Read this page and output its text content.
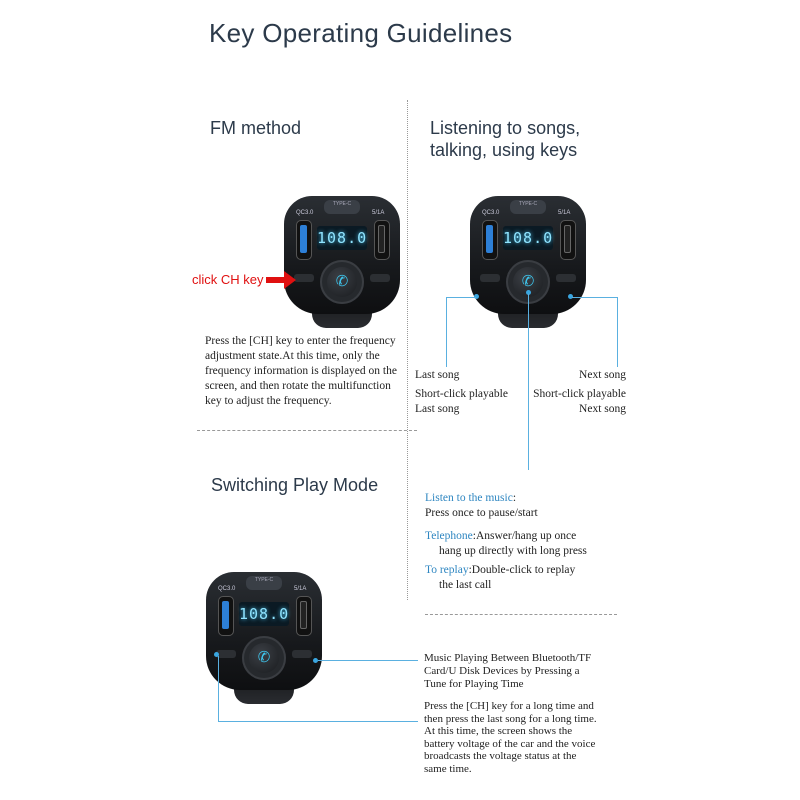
Key Operating Guidelines
FM method
TYPE-C
QC3.0	5/1A
108.0
✆
click CH key
Press the [CH] key to enter the frequency
adjustment state.At this time, only the
frequency information is displayed on the
screen, and then rotate the multifunction
key to adjust the frequency.
Listening to songs,
talking, using keys
TYPE-C
QC3.0	5/1A
108.0
✆
Last song
Short-click playable
Last song
Next song
Short-click playable
Next song
Listen to the music:
Press once to pause/start
Telephone:Answer/hang up once
hang up directly with long press
To replay:Double-click to replay
the last call
Switching Play Mode
TYPE-C
QC3.0	5/1A
108.0
✆	Music Playing Between Bluetooth/TF
Card/U Disk Devices by Pressing a
Tune for Playing Time
Press the [CH] key for a long time and
then press the last song for a long time.
At this time, the screen shows the
battery voltage of the car and the voice
broadcasts the voltage status at the
same time.
